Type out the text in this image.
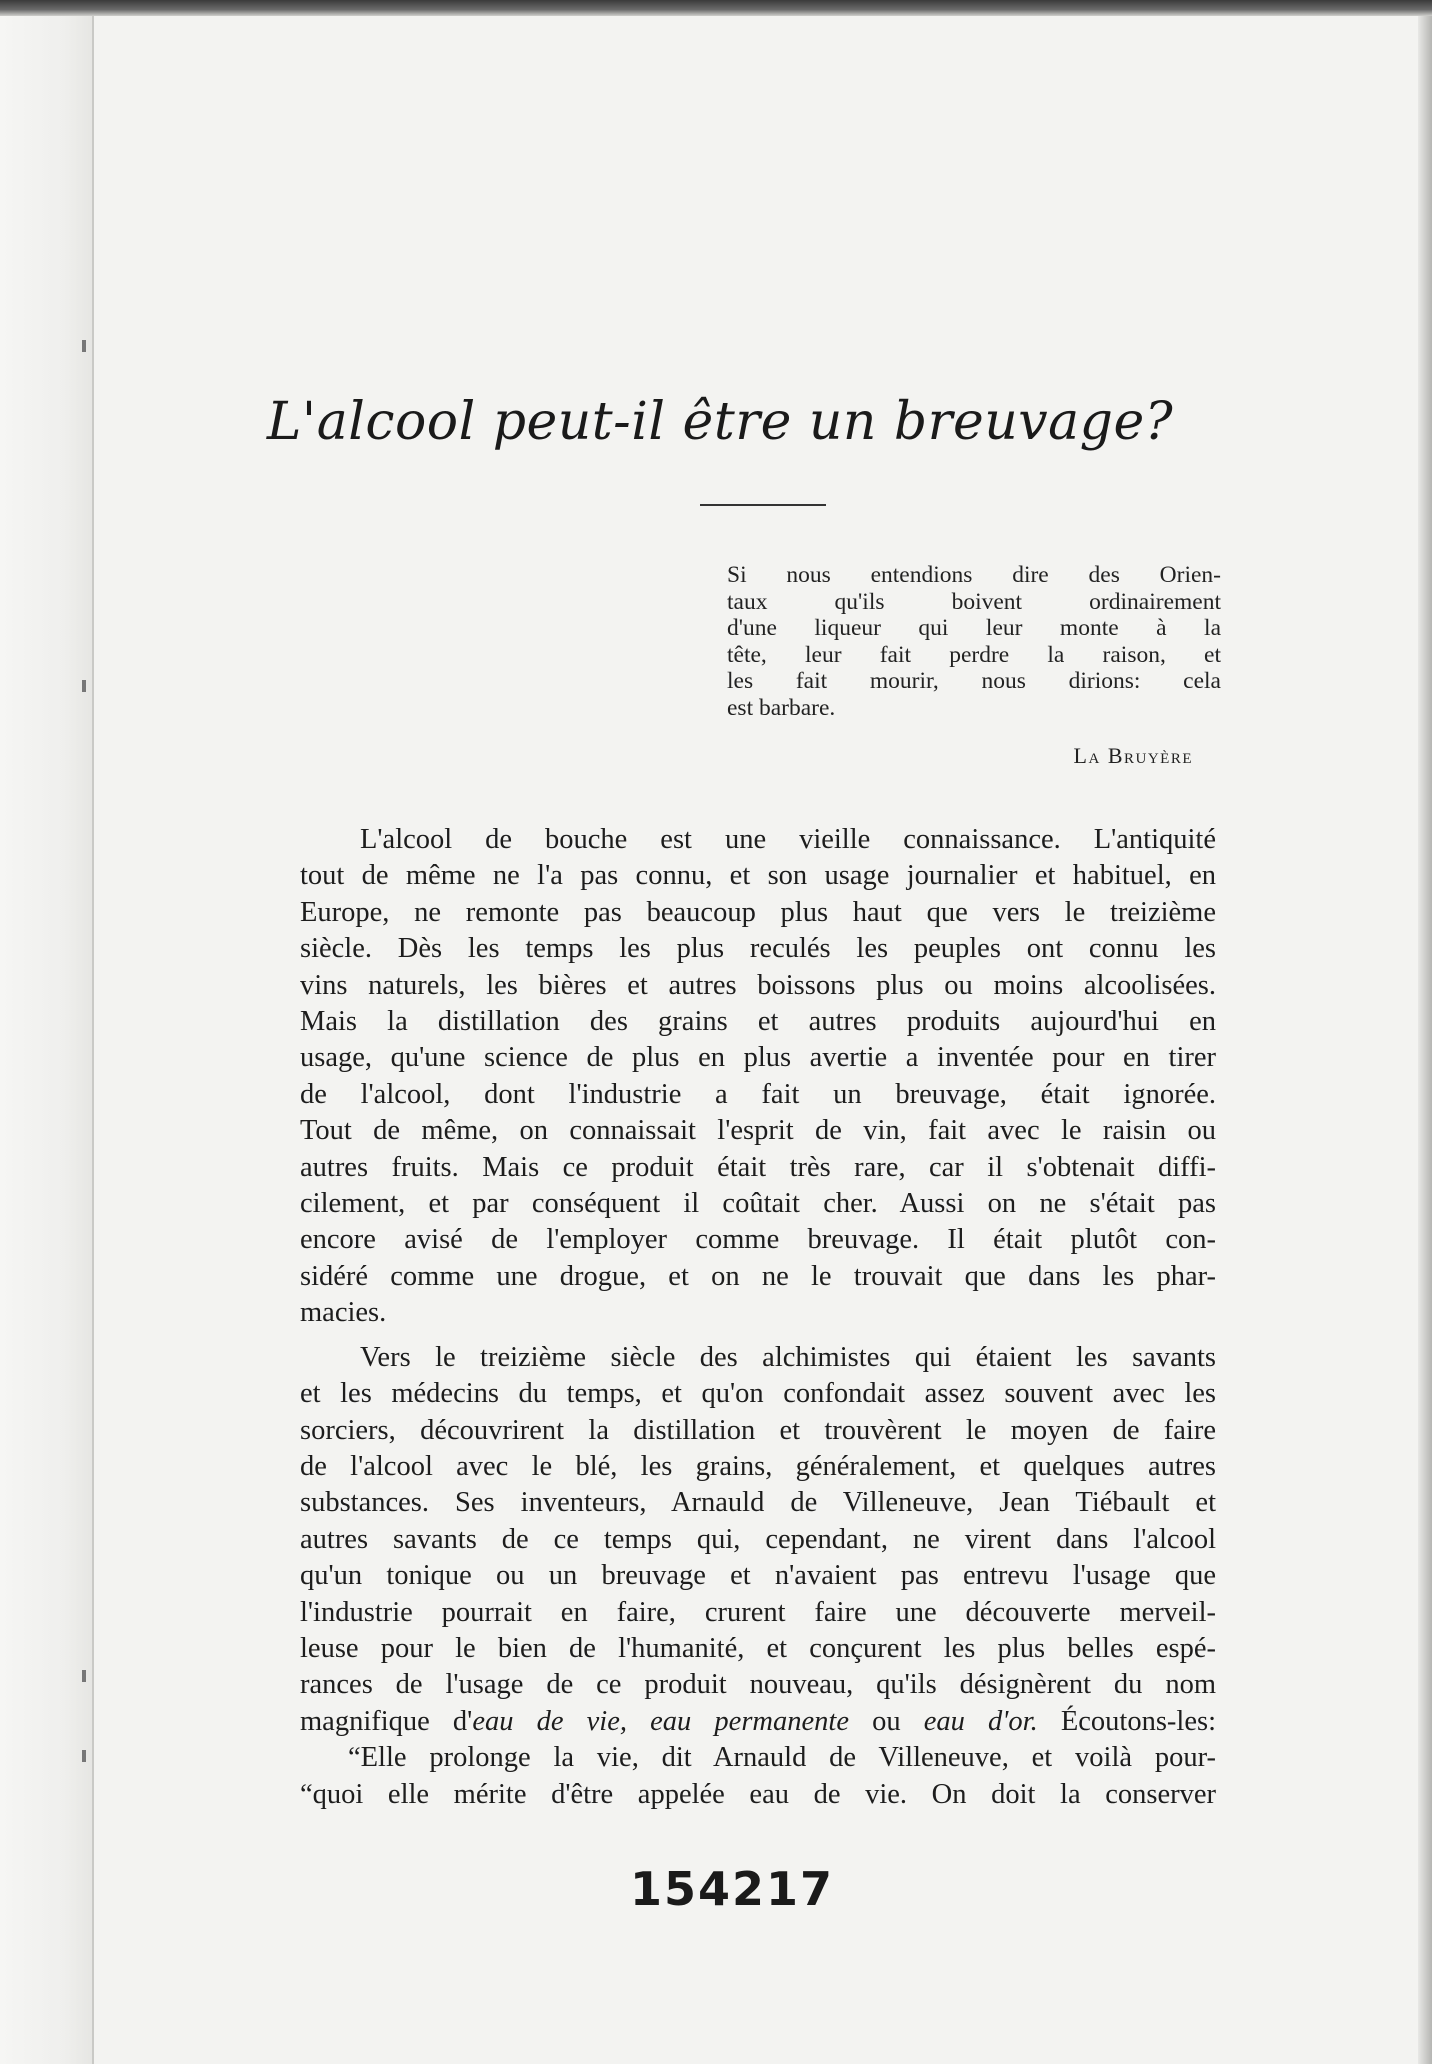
L'alcool peut-il être un breuvage?
Si nous entendions dire des Orien-
taux qu'ils boivent ordinairement
d'une liqueur qui leur monte à la
tête, leur fait perdre la raison, et
les fait mourir, nous dirions: cela
est barbare.
La Bruyère
L'alcool de bouche est une vieille connaissance. L'antiquité
tout de même ne l'a pas connu, et son usage journalier et habituel, en
Europe, ne remonte pas beaucoup plus haut que vers le treizième
siècle. Dès les temps les plus reculés les peuples ont connu les
vins naturels, les bières et autres boissons plus ou moins alcoolisées.
Mais la distillation des grains et autres produits aujourd'hui en
usage, qu'une science de plus en plus avertie a inventée pour en tirer
de l'alcool, dont l'industrie a fait un breuvage, était ignorée.
Tout de même, on connaissait l'esprit de vin, fait avec le raisin ou
autres fruits. Mais ce produit était très rare, car il s'obtenait diffi-
cilement, et par conséquent il coûtait cher. Aussi on ne s'était pas
encore avisé de l'employer comme breuvage. Il était plutôt con-
sidéré comme une drogue, et on ne le trouvait que dans les phar-
macies.
Vers le treizième siècle des alchimistes qui étaient les savants
et les médecins du temps, et qu'on confondait assez souvent avec les
sorciers, découvrirent la distillation et trouvèrent le moyen de faire
de l'alcool avec le blé, les grains, généralement, et quelques autres
substances. Ses inventeurs, Arnauld de Villeneuve, Jean Tiébault et
autres savants de ce temps qui, cependant, ne virent dans l'alcool
qu'un tonique ou un breuvage et n'avaient pas entrevu l'usage que
l'industrie pourrait en faire, crurent faire une découverte merveil-
leuse pour le bien de l'humanité, et conçurent les plus belles espé-
rances de l'usage de ce produit nouveau, qu'ils désignèrent du nom
magnifique d'eau de vie, eau permanente ou eau d'or. Écoutons-les:
“Elle prolonge la vie, dit Arnauld de Villeneuve, et voilà pour-
“quoi elle mérite d'être appelée eau de vie. On doit la conserver
154217
